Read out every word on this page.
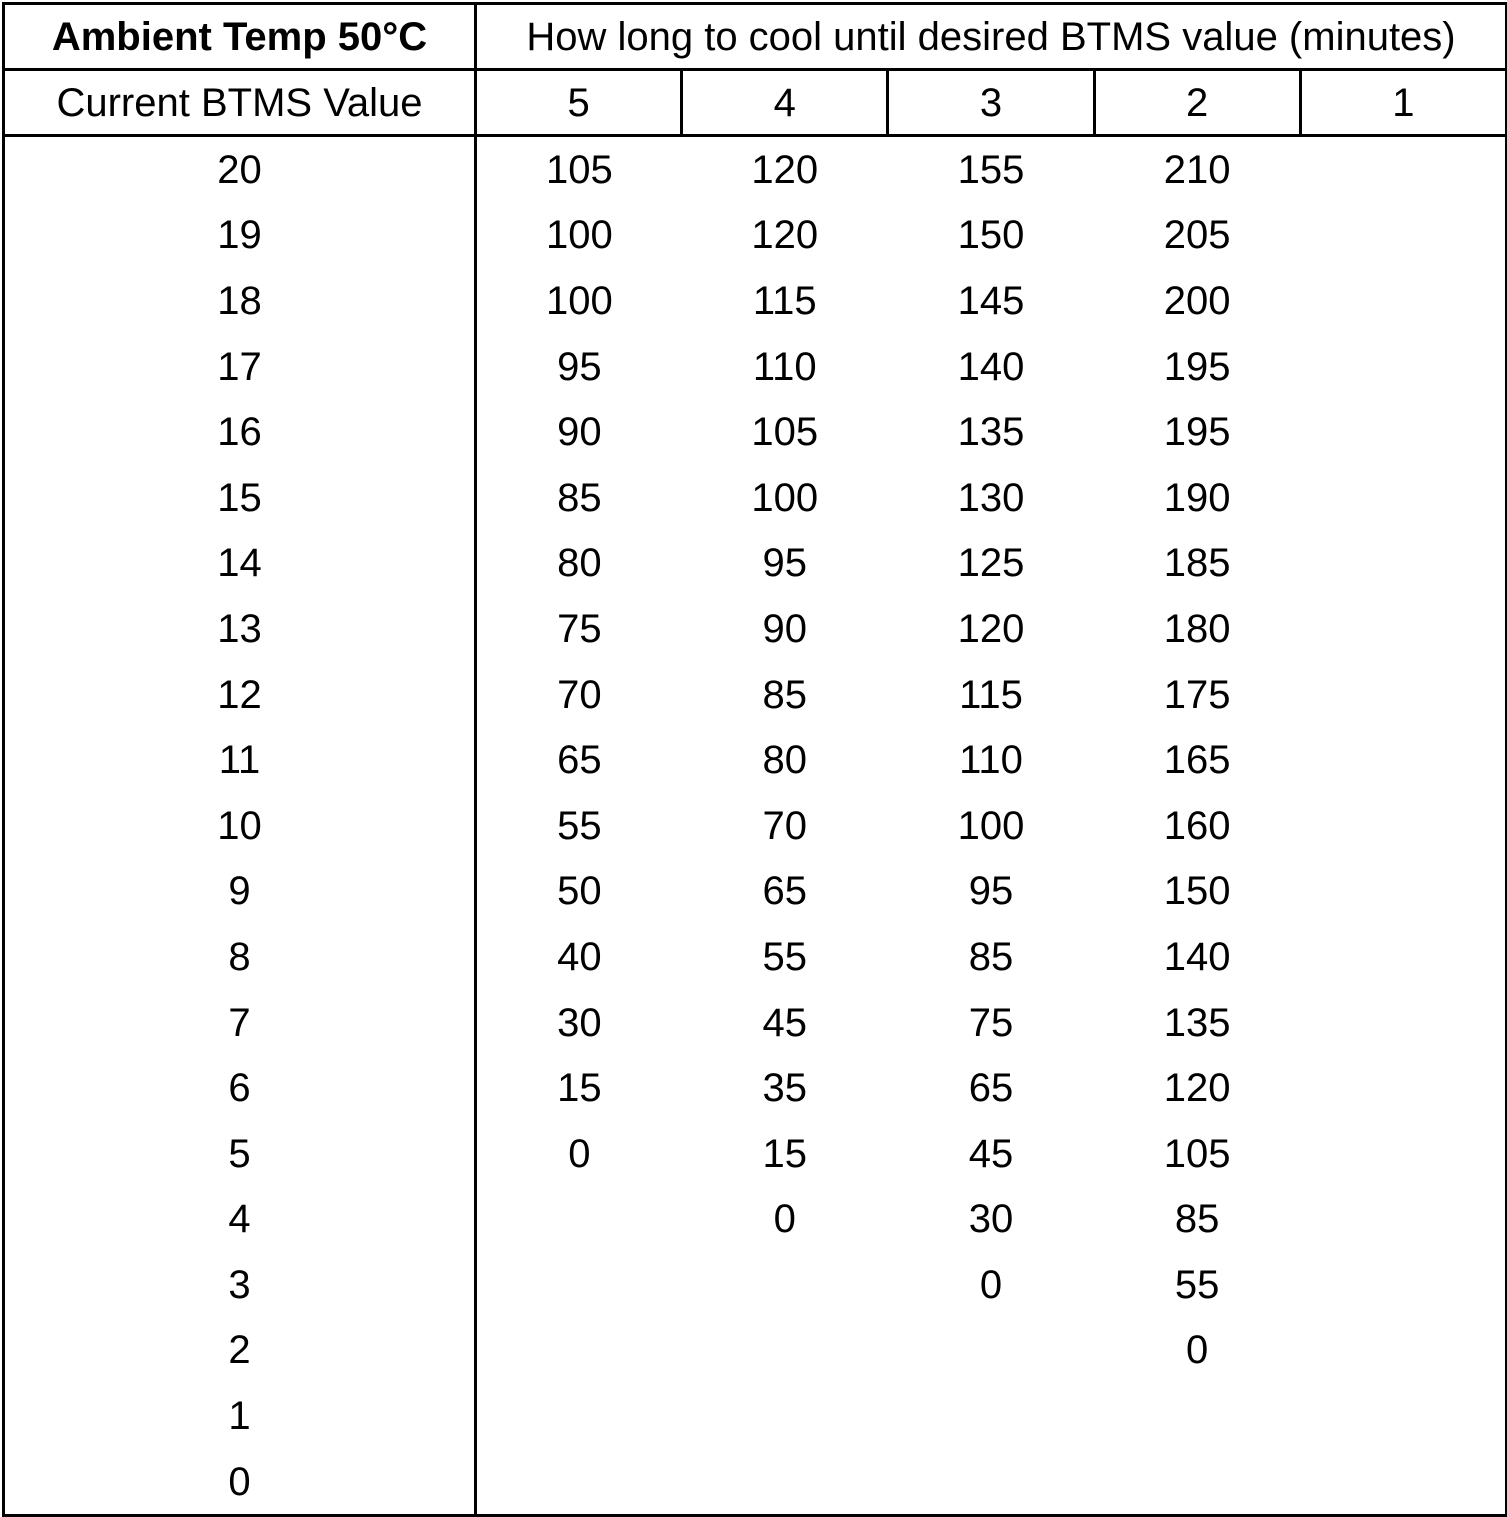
Ambient Temp 50°C	How long to cool until desired BTMS value (minutes)				
Current BTMS Value	5	4	3	2	1
20	105	120	155	210	
19	100	120	150	205	
18	100	115	145	200	
17	95	110	140	195	
16	90	105	135	195	
15	85	100	130	190	
14	80	95	125	185	
13	75	90	120	180	
12	70	85	115	175	
11	65	80	110	165	
10	55	70	100	160	
9	50	65	95	150	
8	40	55	85	140	
7	30	45	75	135	
6	15	35	65	120	
5	0	15	45	105	
4		0	30	85	
3			0	55	
2				0	
1					
0					
